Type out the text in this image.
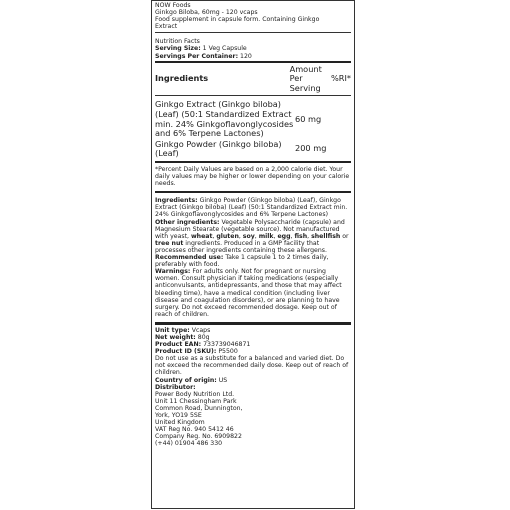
NOW Foods

Ginkgo Biloba, 60mg - 120 vcaps

Food supplement in capsule form. Containing Ginkgo Extract

Nutrition Facts

Serving Size: 1 Veg Capsule

Servings Per Container: 120

Ingredients	Amount Per Serving	%RI*
Ginkgo Extract (Ginkgo biloba) (Leaf) (50:1 Standardized Extract min. 24% Ginkgoflavonglycosides and 6% Terpene Lactones)	60 mg	
Ginkgo Powder (Ginkgo biloba) (Leaf)	200 mg	

*Percent Daily Values are based on a 2,000 calorie diet. Your daily values may be higher or lower depending on your calorie needs.

Ingredients: Ginkgo Powder (Ginkgo biloba) (Leaf), Ginkgo Extract (Ginkgo biloba) (Leaf) (50:1 Standardized Extract min. 24% Ginkgoflavonglycosides and 6% Terpene Lactones)

Other ingredients: Vegetable Polysaccharide (capsule) and Magnesium Stearate (vegetable source). Not manufactured with yeast, wheat, gluten, soy, milk, egg, fish, shellfish or tree nut ingredients. Produced in a GMP facility that processes other ingredients containing these allergens.

Recommended use: Take 1 capsule 1 to 2 times daily, preferably with food.

Warnings: For adults only. Not for pregnant or nursing women. Consult physician if taking medications (especially anticonvulsants, antidepressants, and those that may affect bleeding time), have a medical condition (including liver disease and coagulation disorders), or are planning to have surgery. Do not exceed recommended dosage. Keep out of reach of children.

Unit type: Vcaps

Net weight: 80g

Product EAN: 733739046871

Product ID (SKU): P5500

Do not use as a substitute for a balanced and varied diet. Do not exceed the recommended daily dose. Keep out of reach of children.

Country of origin: US

Distributor:

Power Body Nutrition Ltd.

Unit 11 Chessingham Park

Common Road, Dunnington,

York, YO19 5SE

United Kingdom

VAT Reg No. 940 5412 46

Company Reg. No. 6909822

(+44) 01904 486 330
